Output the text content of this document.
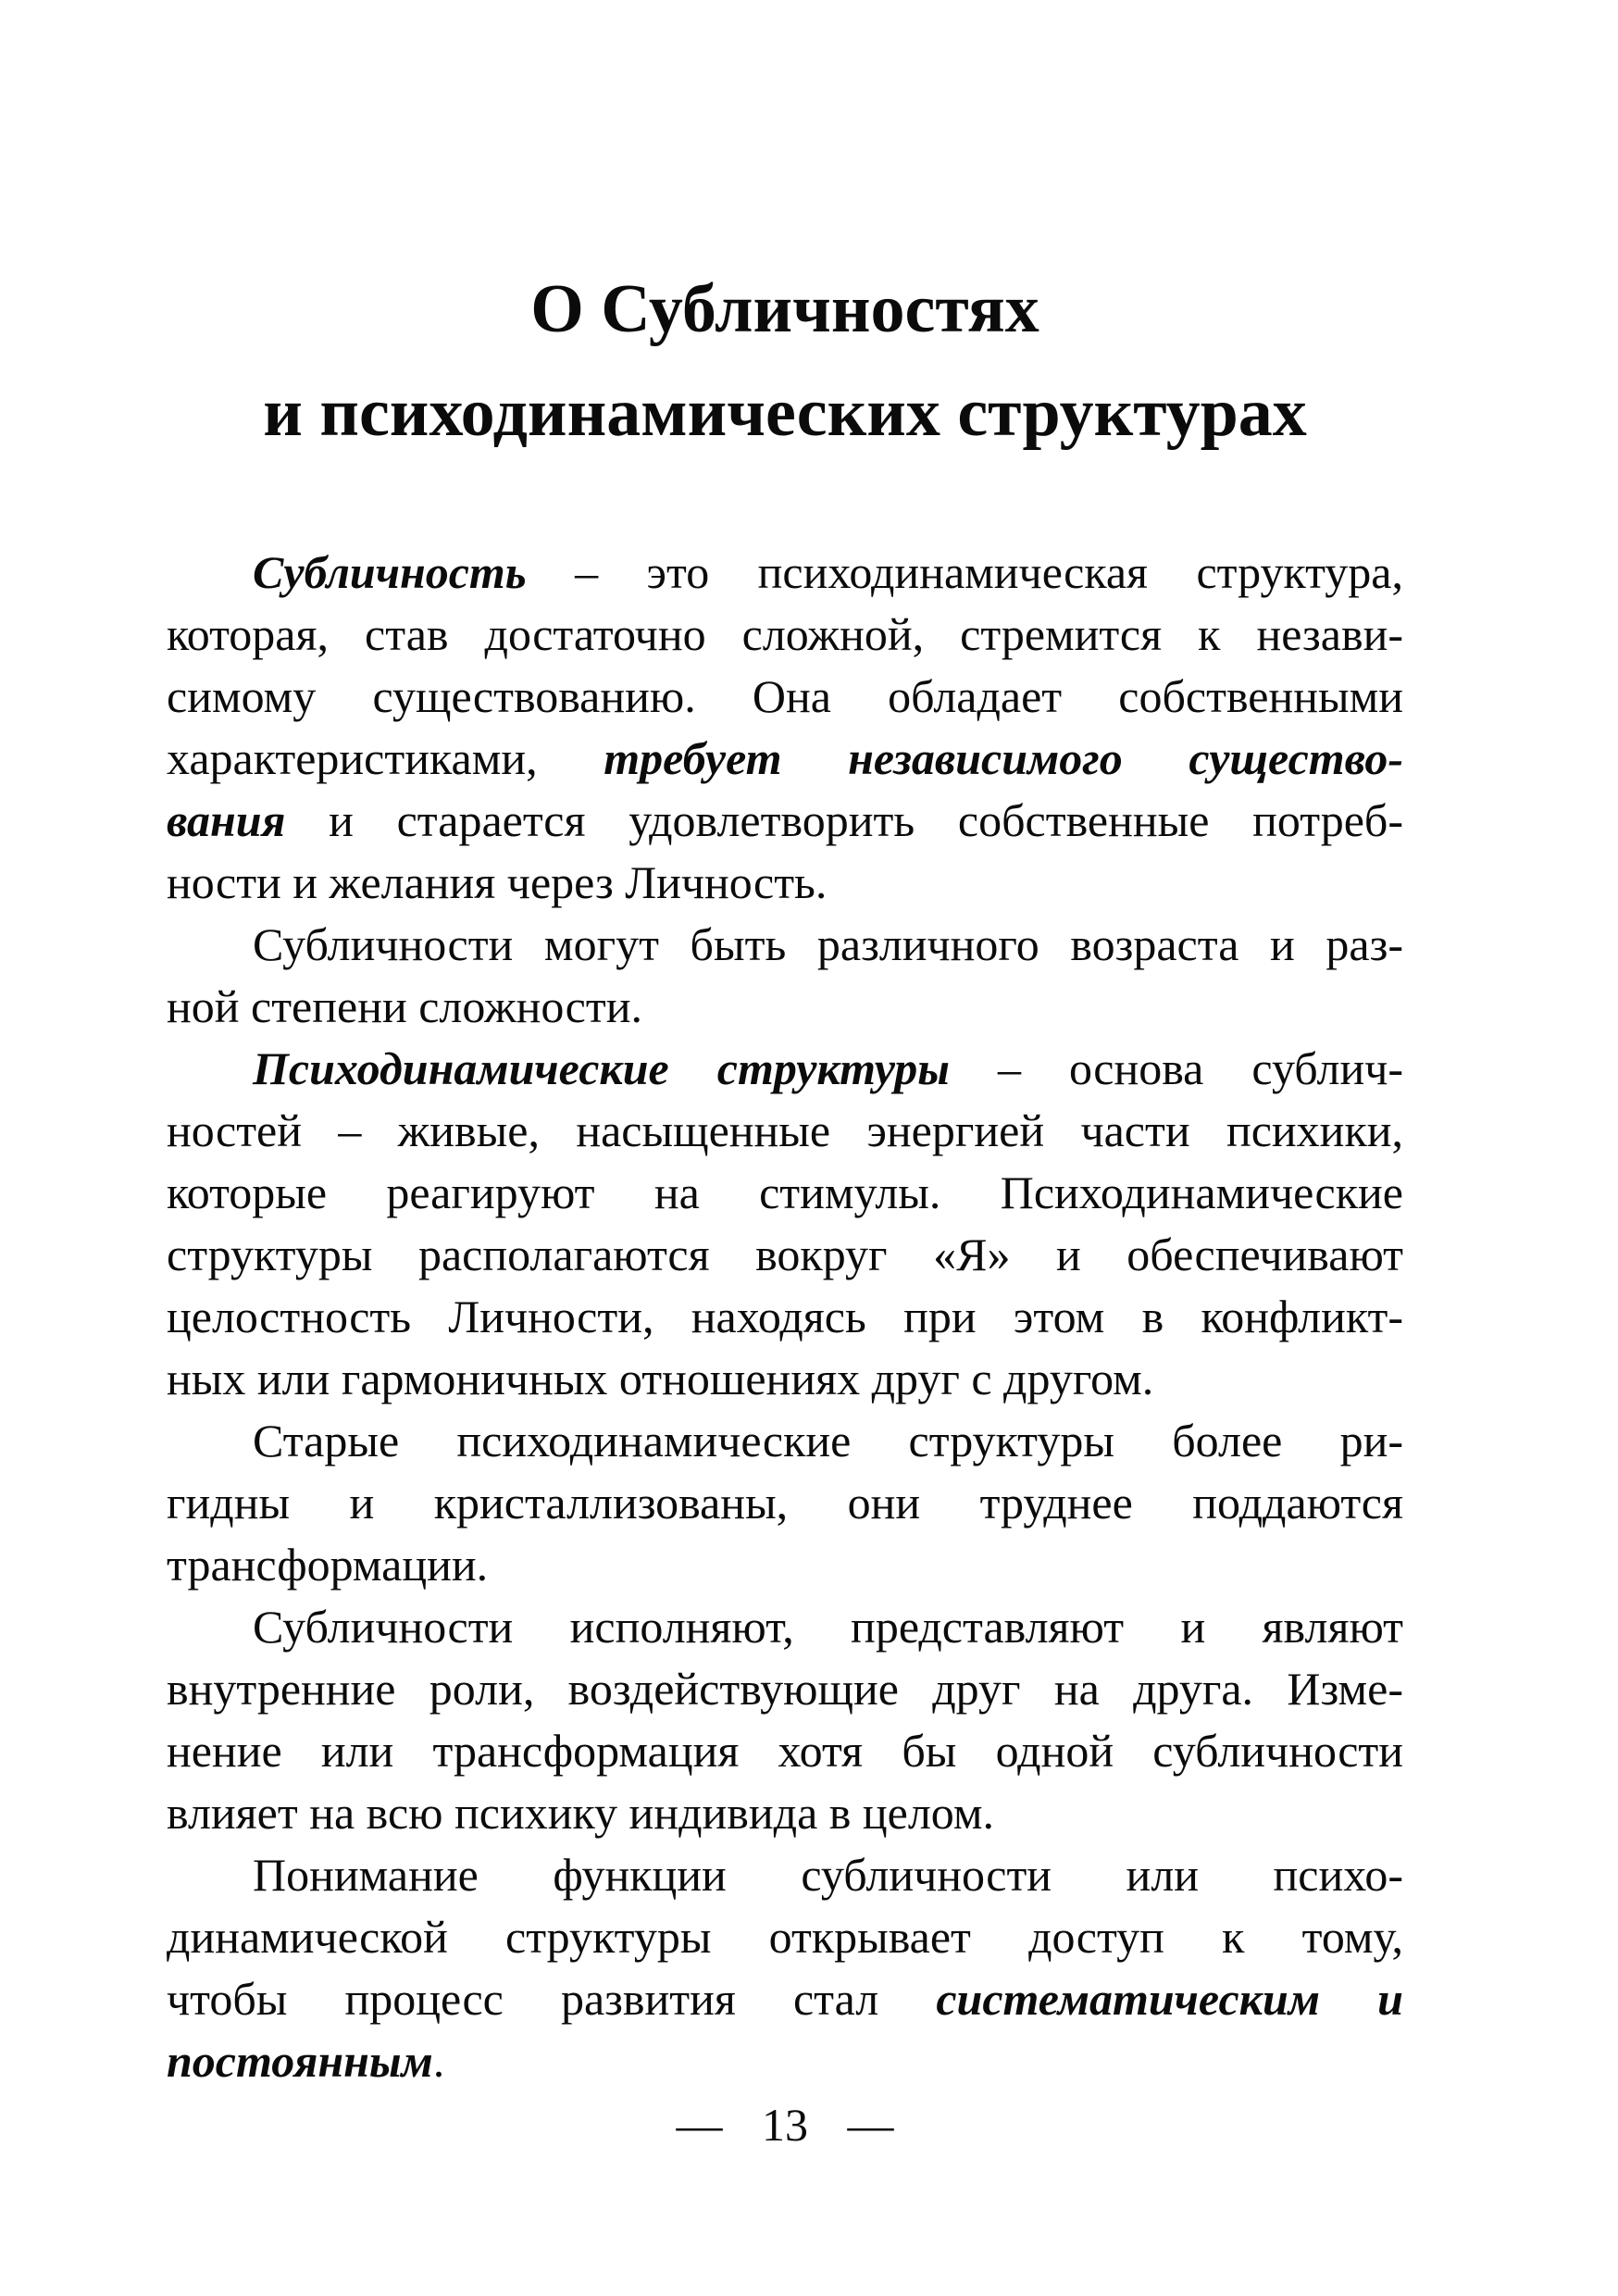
О Субличностях
и психодинамических структурах
Субличность – это психодинамическая структура,
которая, став достаточно сложной, стремится к незави-
симому существованию. Она обладает собственными
характеристиками, требует независимого существо-
вания и старается удовлетворить собственные потреб-
ности и желания через Личность.
Субличности могут быть различного возраста и раз-
ной степени сложности.
Психодинамические структуры – основа сублич-
ностей – живые, насыщенные энергией части психики,
которые реагируют на стимулы. Психодинамические
структуры располагаются вокруг «Я» и обеспечивают
целостность Личности, находясь при этом в конфликт-
ных или гармоничных отношениях друг с другом.
Старые психодинамические структуры более ри-
гидны и кристаллизованы, они труднее поддаются
трансформации.
Субличности исполняют, представляют и являют
внутренние роли, воздействующие друг на друга. Изме-
нение или трансформация хотя бы одной субличности
влияет на всю психику индивида в целом.
Понимание функции субличности или психо-
динамической структуры открывает доступ к тому,
чтобы процесс развития стал систематическим и
постоянным.
— 13 —
